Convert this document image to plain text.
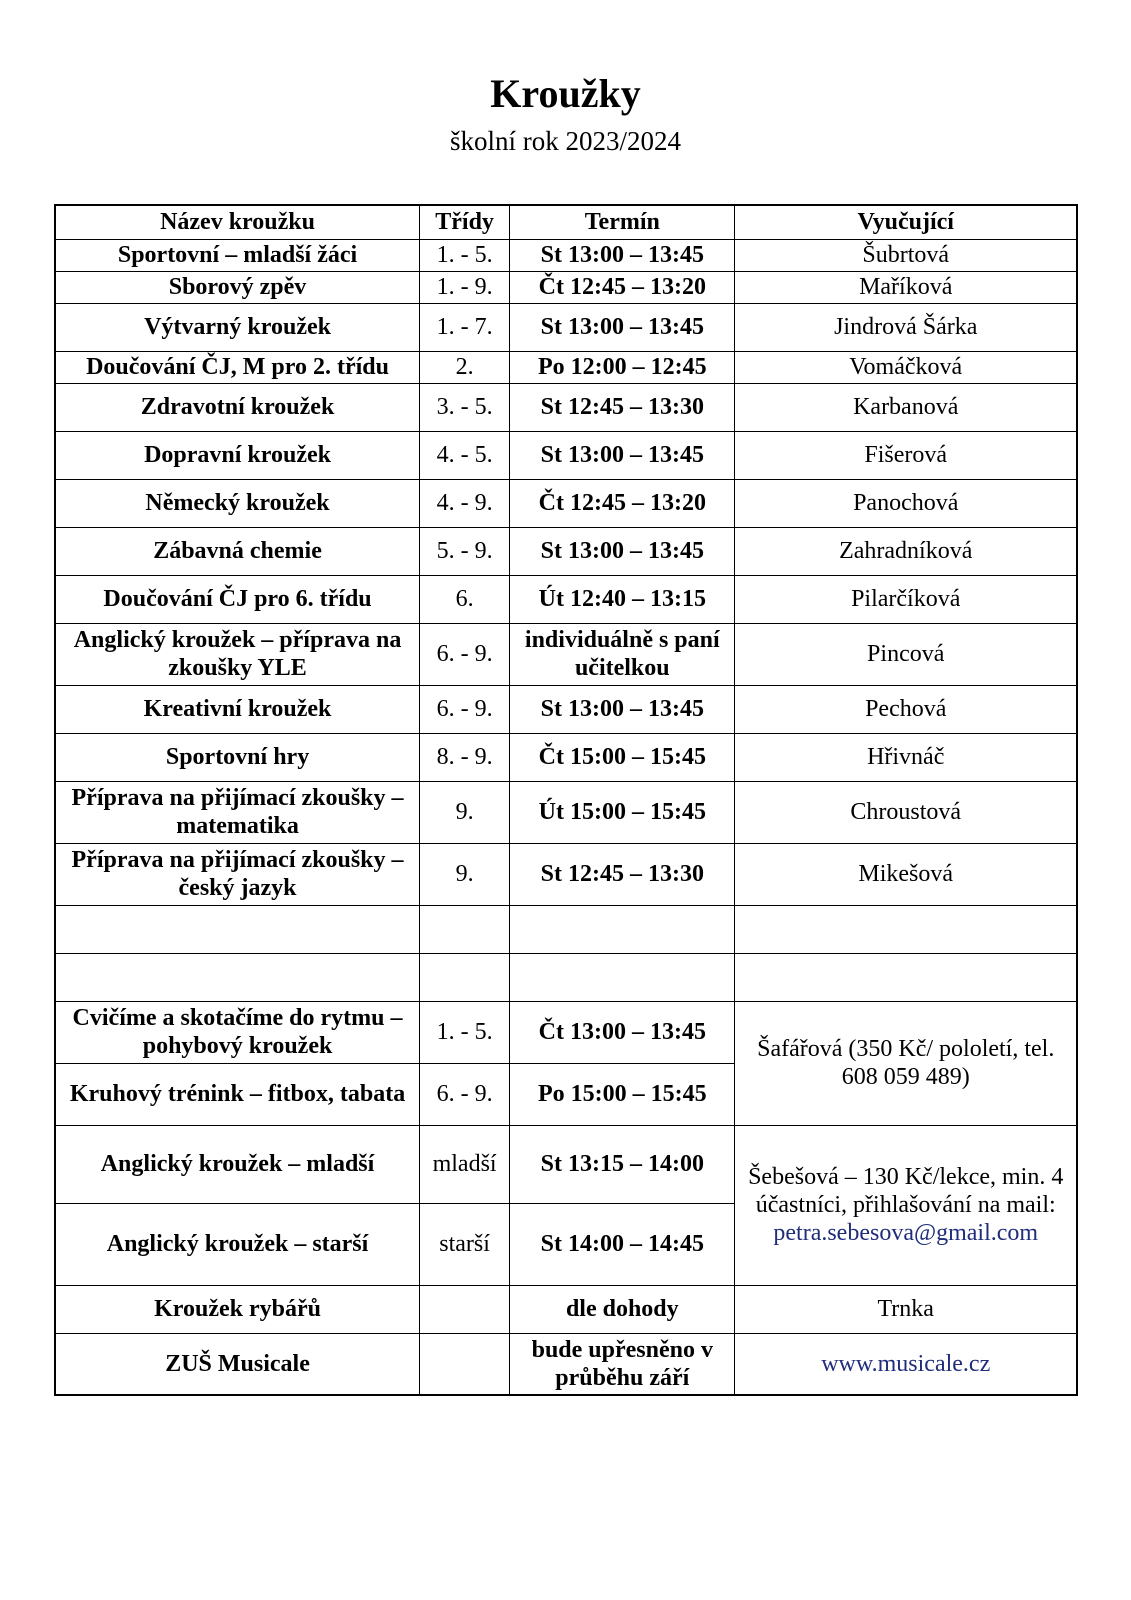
Kroužky
školní rok 2023/2024
Název kroužku	Třídy	Termín	Vyučující
Sportovní – mladší žáci	1. - 5.	St 13:00 – 13:45	Šubrtová
Sborový zpěv	1. - 9.	Čt 12:45 – 13:20	Maříková
Výtvarný kroužek	1. - 7.	St 13:00 – 13:45	Jindrová Šárka
Doučování ČJ, M pro 2. třídu	2.	Po 12:00 – 12:45	Vomáčková
Zdravotní kroužek	3. - 5.	St 12:45 – 13:30	Karbanová
Dopravní kroužek	4. - 5.	St 13:00 – 13:45	Fišerová
Německý kroužek	4. - 9.	Čt 12:45 – 13:20	Panochová
Zábavná chemie	5. - 9.	St 13:00 – 13:45	Zahradníková
Doučování ČJ pro 6. třídu	6.	Út 12:40 – 13:15	Pilarčíková
Anglický kroužek – příprava na zkoušky YLE	6. - 9.	individuálně s paní učitelkou	Pincová
Kreativní kroužek	6. - 9.	St 13:00 – 13:45	Pechová
Sportovní hry	8. - 9.	Čt 15:00 – 15:45	Hřivnáč
Příprava na přijímací zkoušky – matematika	9.	Út 15:00 – 15:45	Chroustová
Příprava na přijímací zkoušky – český jazyk	9.	St 12:45 – 13:30	Mikešová

Cvičíme a skotačíme do rytmu – pohybový kroužek	1. - 5.	Čt 13:00 – 13:45	Šafářová (350 Kč/ pololetí, tel. 608 059 489)
Kruhový trénink – fitbox, tabata	6. - 9.	Po 15:00 – 15:45	
Anglický kroužek – mladší	mladší	St 13:15 – 14:00	Šebešová – 130 Kč/lekce, min. 4 účastníci, přihlašování na mail:
petra.sebesova@gmail.com
Anglický kroužek – starší	starší	St 14:00 – 14:45	
Kroužek rybářů		dle dohody	Trnka
ZUŠ Musicale		bude upřesněno v průběhu září	www.musicale.cz
